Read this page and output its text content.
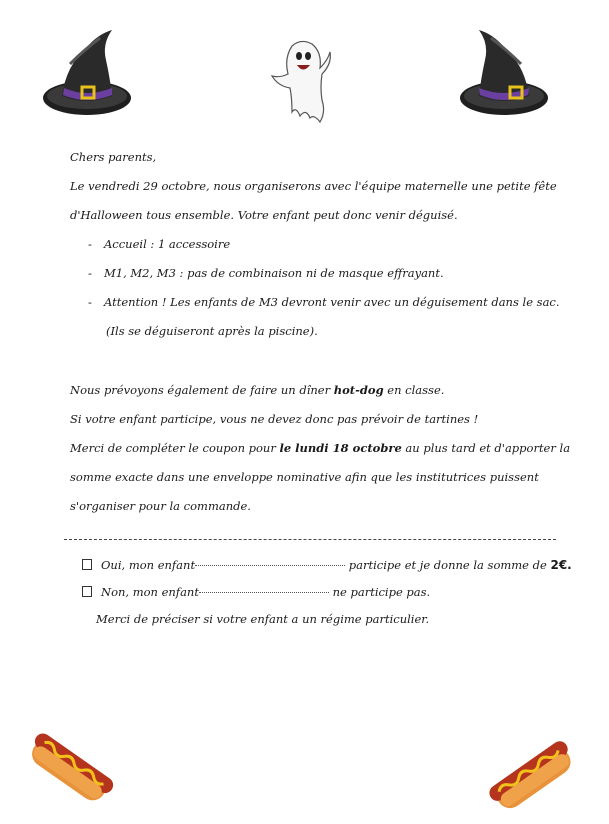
Chers parents,
Le vendredi 29 octobre, nous organiserons avec l'équipe maternelle une petite fête
d'Halloween tous ensemble. Votre enfant peut donc venir déguisé.
- Accueil : 1 accessoire
- M1, M2, M3 : pas de combinaison ni de masque effrayant.
- Attention ! Les enfants de M3 devront venir avec un déguisement dans le sac.
(Ils se déguiseront après la piscine).
Nous prévoyons également de faire un dîner hot-dog en classe.
Si votre enfant participe, vous ne devez donc pas prévoir de tartines !
Merci de compléter le coupon pour le lundi 18 octobre au plus tard et d'apporter la
somme exacte dans une enveloppe nominative afin que les institutrices puissent
s'organiser pour la commande.
Oui, mon enfant	participe et je donne la somme de 2€.
Non, mon enfant	ne participe pas.
Merci de préciser si votre enfant a un régime particulier.
